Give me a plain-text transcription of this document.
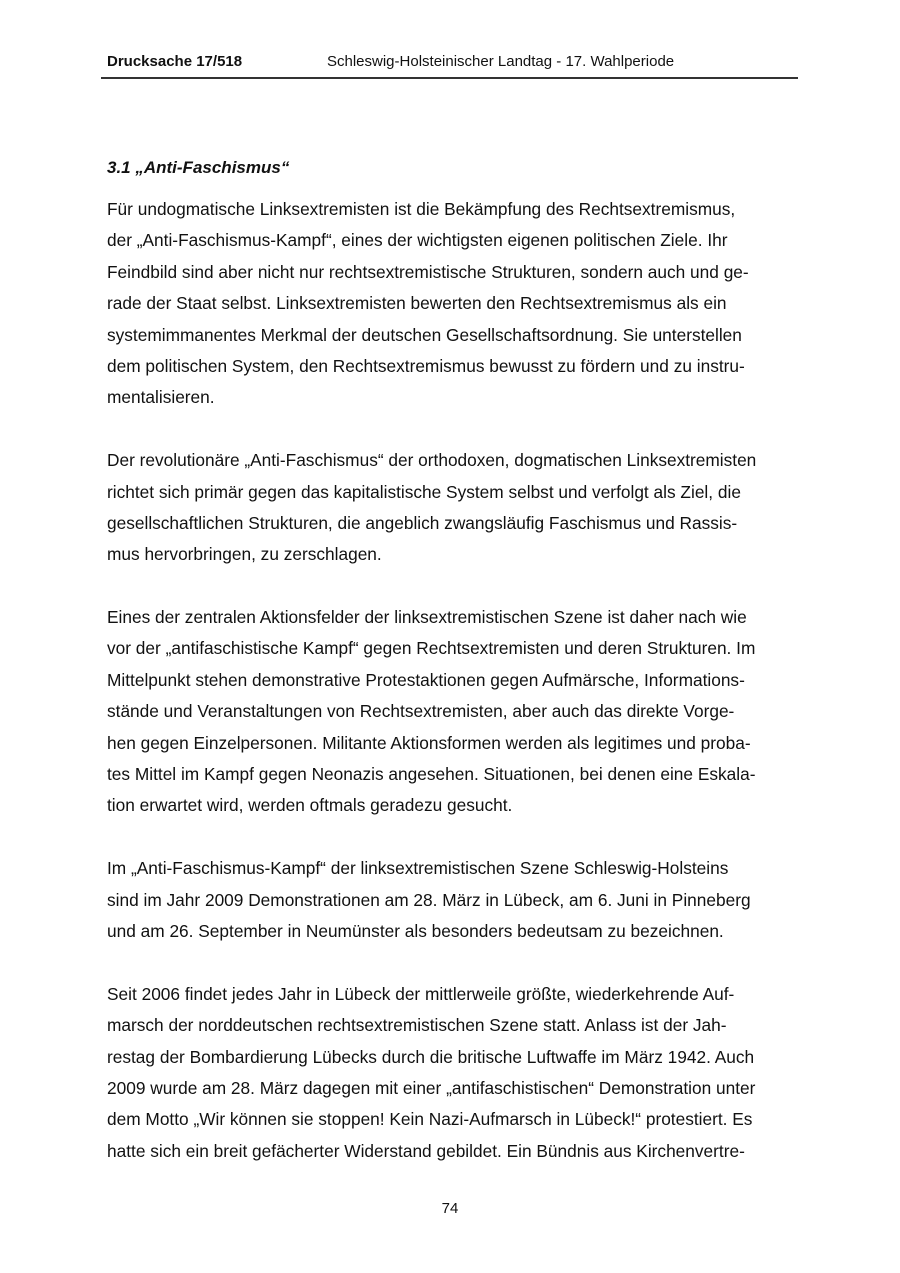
Drucksache 17/518	Schleswig-Holsteinischer Landtag - 17. Wahlperiode
3.1 „Anti-Faschismus“
Für undogmatische Linksextremisten ist die Bekämpfung des Rechtsextremismus,
der „Anti-Faschismus-Kampf“, eines der wichtigsten eigenen politischen Ziele. Ihr
Feindbild sind aber nicht nur rechtsextremistische Strukturen, sondern auch und ge-
rade der Staat selbst. Linksextremisten bewerten den Rechtsextremismus als ein
systemimmanentes Merkmal der deutschen Gesellschaftsordnung. Sie unterstellen
dem politischen System, den Rechtsextremismus bewusst zu fördern und zu instru-
mentalisieren.
Der revolutionäre „Anti-Faschismus“ der orthodoxen, dogmatischen Linksextremisten
richtet sich primär gegen das kapitalistische System selbst und verfolgt als Ziel, die
gesellschaftlichen Strukturen, die angeblich zwangsläufig Faschismus und Rassis-
mus hervorbringen, zu zerschlagen.
Eines der zentralen Aktionsfelder der linksextremistischen Szene ist daher nach wie
vor der „antifaschistische Kampf“ gegen Rechtsextremisten und deren Strukturen. Im
Mittelpunkt stehen demonstrative Protestaktionen gegen Aufmärsche, Informations-
stände und Veranstaltungen von Rechtsextremisten, aber auch das direkte Vorge-
hen gegen Einzelpersonen. Militante Aktionsformen werden als legitimes und proba-
tes Mittel im Kampf gegen Neonazis angesehen. Situationen, bei denen eine Eskala-
tion erwartet wird, werden oftmals geradezu gesucht.
Im „Anti-Faschismus-Kampf“ der linksextremistischen Szene Schleswig-Holsteins
sind im Jahr 2009 Demonstrationen am 28. März in Lübeck, am 6. Juni in Pinneberg
und am 26. September in Neumünster als besonders bedeutsam zu bezeichnen.
Seit 2006 findet jedes Jahr in Lübeck der mittlerweile größte, wiederkehrende Auf-
marsch der norddeutschen rechtsextremistischen Szene statt. Anlass ist der Jah-
restag der Bombardierung Lübecks durch die britische Luftwaffe im März 1942. Auch
2009 wurde am 28. März dagegen mit einer „antifaschistischen“ Demonstration unter
dem Motto „Wir können sie stoppen! Kein Nazi-Aufmarsch in Lübeck!“ protestiert. Es
hatte sich ein breit gefächerter Widerstand gebildet. Ein Bündnis aus Kirchenvertre-
74
